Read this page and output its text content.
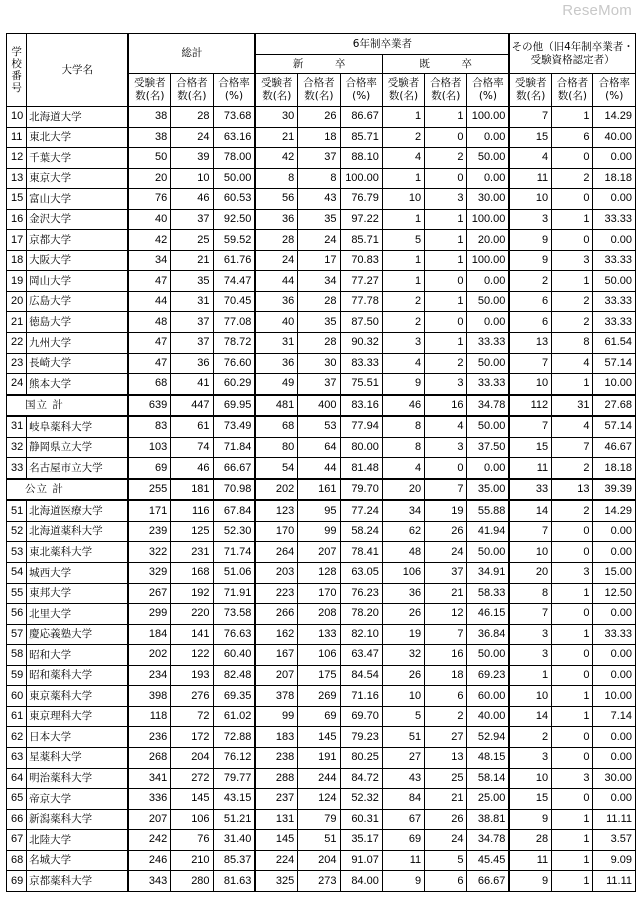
ReseMom
学校番号	大学名	総計			6年制卒業者						その他（旧4年制卒業者・受験資格認定者）		
					新　　　卒			既　　　卒					
		受験者数(名)	合格者数(名)	合格率(%)	受験者数(名)	合格者数(名)	合格率(%)	受験者数(名)	合格者数(名)	合格率(%)	受験者数(名)	合格者数(名)	合格率(%)
10	北海道大学	38	28	73.68	30	26	86.67	1	1	100.00	7	1	14.29
11	東北大学	38	24	63.16	21	18	85.71	2	0	0.00	15	6	40.00
12	千葉大学	50	39	78.00	42	37	88.10	4	2	50.00	4	0	0.00
13	東京大学	20	10	50.00	8	8	100.00	1	0	0.00	11	2	18.18
15	富山大学	76	46	60.53	56	43	76.79	10	3	30.00	10	0	0.00
16	金沢大学	40	37	92.50	36	35	97.22	1	1	100.00	3	1	33.33
17	京都大学	42	25	59.52	28	24	85.71	5	1	20.00	9	0	0.00
18	大阪大学	34	21	61.76	24	17	70.83	1	1	100.00	9	3	33.33
19	岡山大学	47	35	74.47	44	34	77.27	1	0	0.00	2	1	50.00
20	広島大学	44	31	70.45	36	28	77.78	2	1	50.00	6	2	33.33
21	徳島大学	48	37	77.08	40	35	87.50	2	0	0.00	6	2	33.33
22	九州大学	47	37	78.72	31	28	90.32	3	1	33.33	13	8	61.54
23	長崎大学	47	36	76.60	36	30	83.33	4	2	50.00	7	4	57.14
24	熊本大学	68	41	60.29	49	37	75.51	9	3	33.33	10	1	10.00
国立 計		639	447	69.95	481	400	83.16	46	16	34.78	112	31	27.68
31	岐阜薬科大学	83	61	73.49	68	53	77.94	8	4	50.00	7	4	57.14
32	静岡県立大学	103	74	71.84	80	64	80.00	8	3	37.50	15	7	46.67
33	名古屋市立大学	69	46	66.67	54	44	81.48	4	0	0.00	11	2	18.18
公立 計		255	181	70.98	202	161	79.70	20	7	35.00	33	13	39.39
51	北海道医療大学	171	116	67.84	123	95	77.24	34	19	55.88	14	2	14.29
52	北海道薬科大学	239	125	52.30	170	99	58.24	62	26	41.94	7	0	0.00
53	東北薬科大学	322	231	71.74	264	207	78.41	48	24	50.00	10	0	0.00
54	城西大学	329	168	51.06	203	128	63.05	106	37	34.91	20	3	15.00
55	東邦大学	267	192	71.91	223	170	76.23	36	21	58.33	8	1	12.50
56	北里大学	299	220	73.58	266	208	78.20	26	12	46.15	7	0	0.00
57	慶応義塾大学	184	141	76.63	162	133	82.10	19	7	36.84	3	1	33.33
58	昭和大学	202	122	60.40	167	106	63.47	32	16	50.00	3	0	0.00
59	昭和薬科大学	234	193	82.48	207	175	84.54	26	18	69.23	1	0	0.00
60	東京薬科大学	398	276	69.35	378	269	71.16	10	6	60.00	10	1	10.00
61	東京理科大学	118	72	61.02	99	69	69.70	5	2	40.00	14	1	7.14
62	日本大学	236	172	72.88	183	145	79.23	51	27	52.94	2	0	0.00
63	星薬科大学	268	204	76.12	238	191	80.25	27	13	48.15	3	0	0.00
64	明治薬科大学	341	272	79.77	288	244	84.72	43	25	58.14	10	3	30.00
65	帝京大学	336	145	43.15	237	124	52.32	84	21	25.00	15	0	0.00
66	新潟薬科大学	207	106	51.21	131	79	60.31	67	26	38.81	9	1	11.11
67	北陸大学	242	76	31.40	145	51	35.17	69	24	34.78	28	1	3.57
68	名城大学	246	210	85.37	224	204	91.07	11	5	45.45	11	1	9.09
69	京都薬科大学	343	280	81.63	325	273	84.00	9	6	66.67	9	1	11.11
